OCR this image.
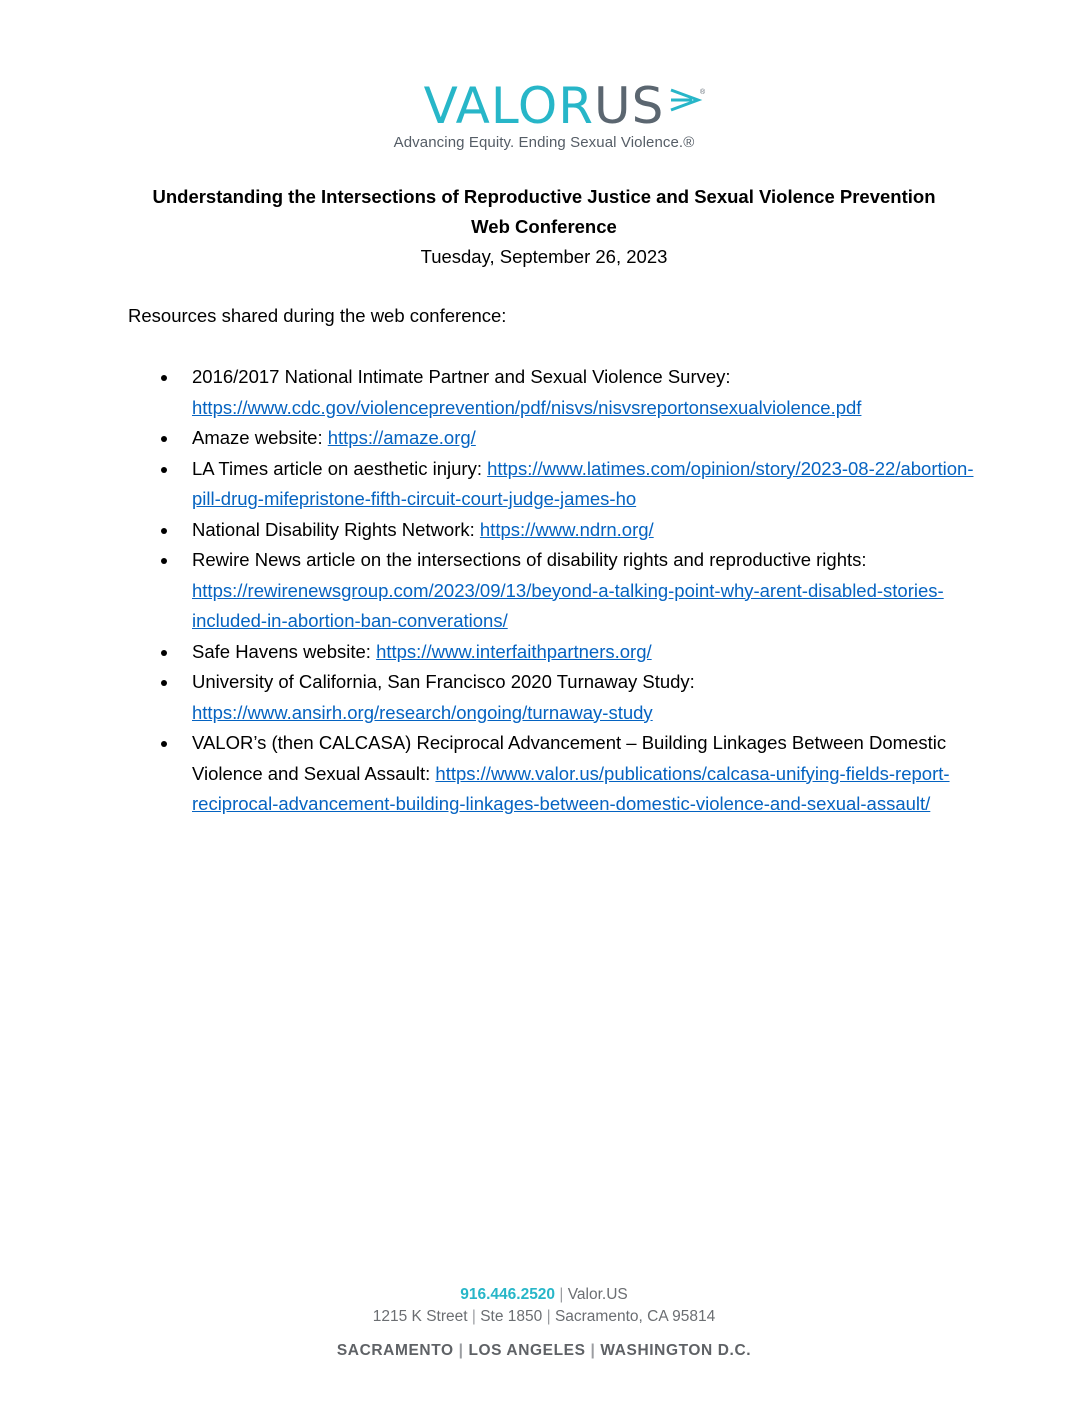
VALORUS	®
Advancing Equity. Ending Sexual Violence.®
Understanding the Intersections of Reproductive Justice and Sexual Violence Prevention
Web Conference
Tuesday, September 26, 2023
Resources shared during the web conference:
2016/2017 National Intimate Partner and Sexual Violence Survey: https://www.cdc.gov/violenceprevention/pdf/nisvs/nisvsreportonsexualviolence.pdf
Amaze website: https://amaze.org/
LA Times article on aesthetic injury: https://www.latimes.com/opinion/story/2023-08-22/abortion-pill-drug-mifepristone-fifth-circuit-court-judge-james-ho
National Disability Rights Network: https://www.ndrn.org/
Rewire News article on the intersections of disability rights and reproductive rights: https://rewirenewsgroup.com/2023/09/13/beyond-a-talking-point-why-arent-disabled-stories-included-in-abortion-ban-converations/
Safe Havens website: https://www.interfaithpartners.org/
University of California, San Francisco 2020 Turnaway Study: https://www.ansirh.org/research/ongoing/turnaway-study
VALOR’s (then CALCASA) Reciprocal Advancement – Building Linkages Between Domestic Violence and Sexual Assault: https://www.valor.us/publications/calcasa-unifying-fields-report-reciprocal-advancement-building-linkages-between-domestic-violence-and-sexual-assault/
916.446.2520 | Valor.US
1215 K Street | Ste 1850 | Sacramento, CA 95814
SACRAMENTO | LOS ANGELES | WASHINGTON D.C.
